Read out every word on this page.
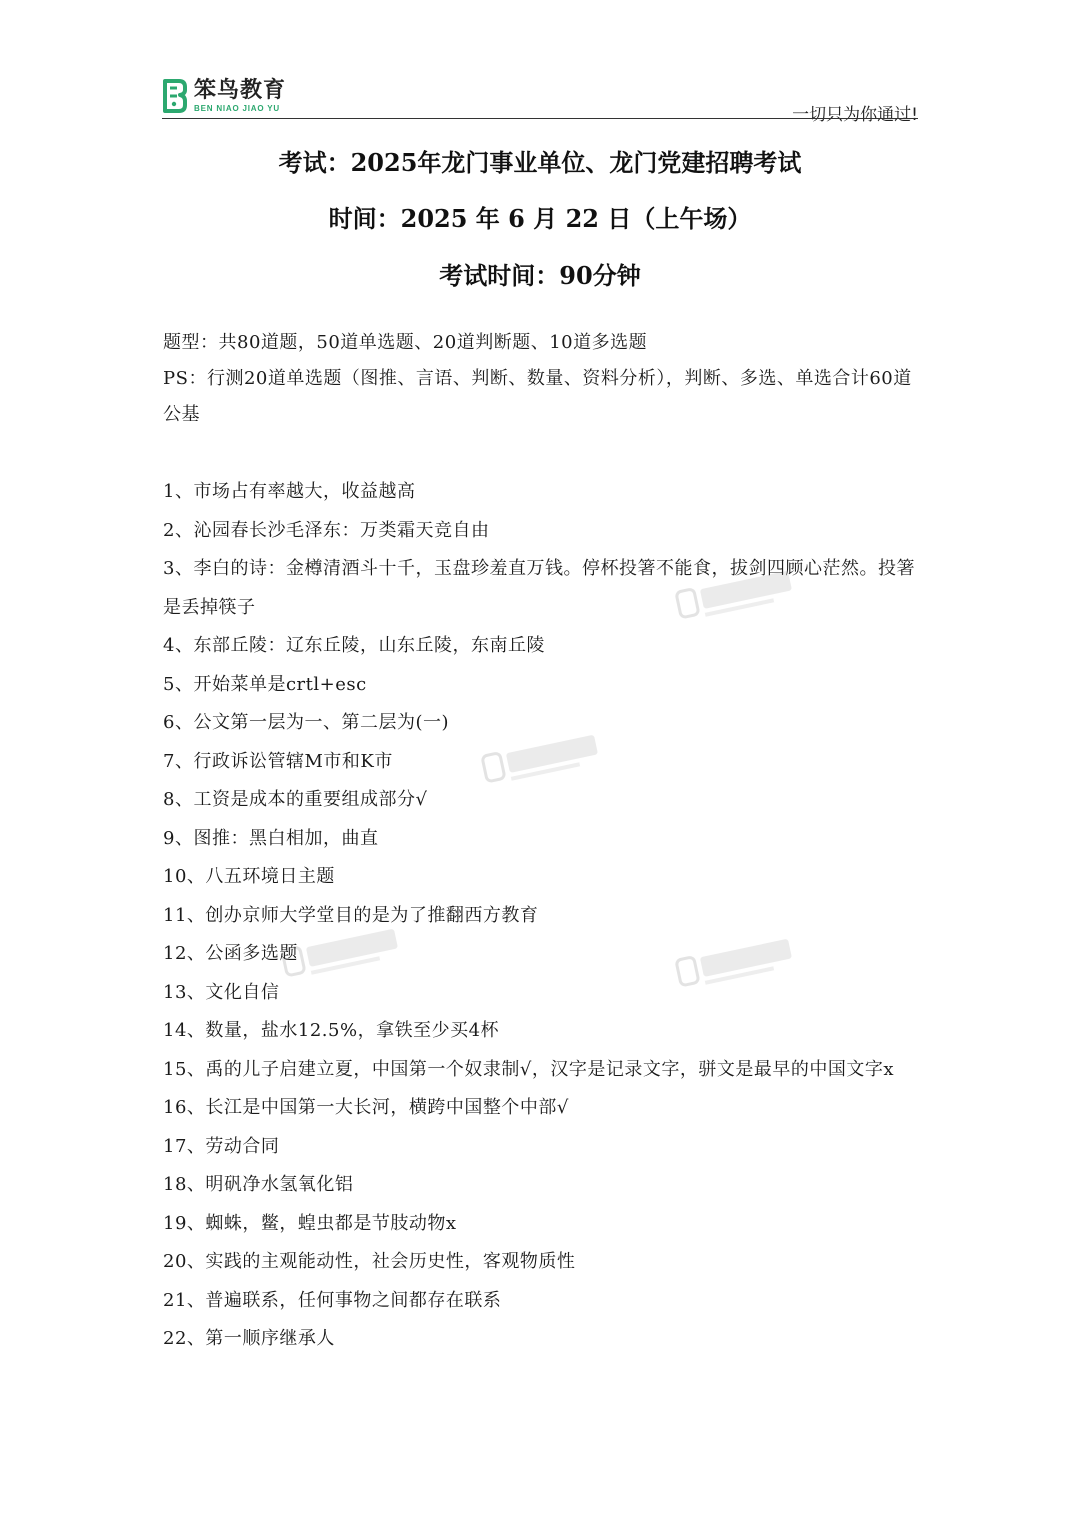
笨鸟教育
BEN NIAO JIAO YU	一切只为你通过!
考试：2025年龙门事业单位、龙门党建招聘考试
时间：2025 年 6 月 22 日（上午场）
考试时间：90分钟
题型：共80道题，50道单选题、20道判断题、10道多选题
PS：行测20道单选题（图推、言语、判断、数量、资料分析），判断、多选、单选合计60道公基
1、市场占有率越大，收益越高
2、沁园春长沙毛泽东：万类霜天竞自由
3、李白的诗：金樽清酒斗十千，玉盘珍羞直万钱。停杯投箸不能食，拔剑四顾心茫然。投箸是丢掉筷子
4、东部丘陵：辽东丘陵，山东丘陵，东南丘陵
5、开始菜单是crtl+esc
6、公文第一层为一、第二层为(一)
7、行政诉讼管辖M市和K市
8、工资是成本的重要组成部分√
9、图推：黑白相加，曲直
10、八五环境日主题
11、创办京师大学堂目的是为了推翻西方教育
12、公函多选题
13、文化自信
14、数量，盐水12.5%，拿铁至少买4杯
15、禹的儿子启建立夏，中国第一个奴隶制√，汉字是记录文字，骈文是最早的中国文字x
16、长江是中国第一大长河，横跨中国整个中部√
17、劳动合同
18、明矾净水氢氧化铝
19、蜘蛛，鳖，蝗虫都是节肢动物x
20、实践的主观能动性，社会历史性，客观物质性
21、普遍联系，任何事物之间都存在联系
22、第一顺序继承人
